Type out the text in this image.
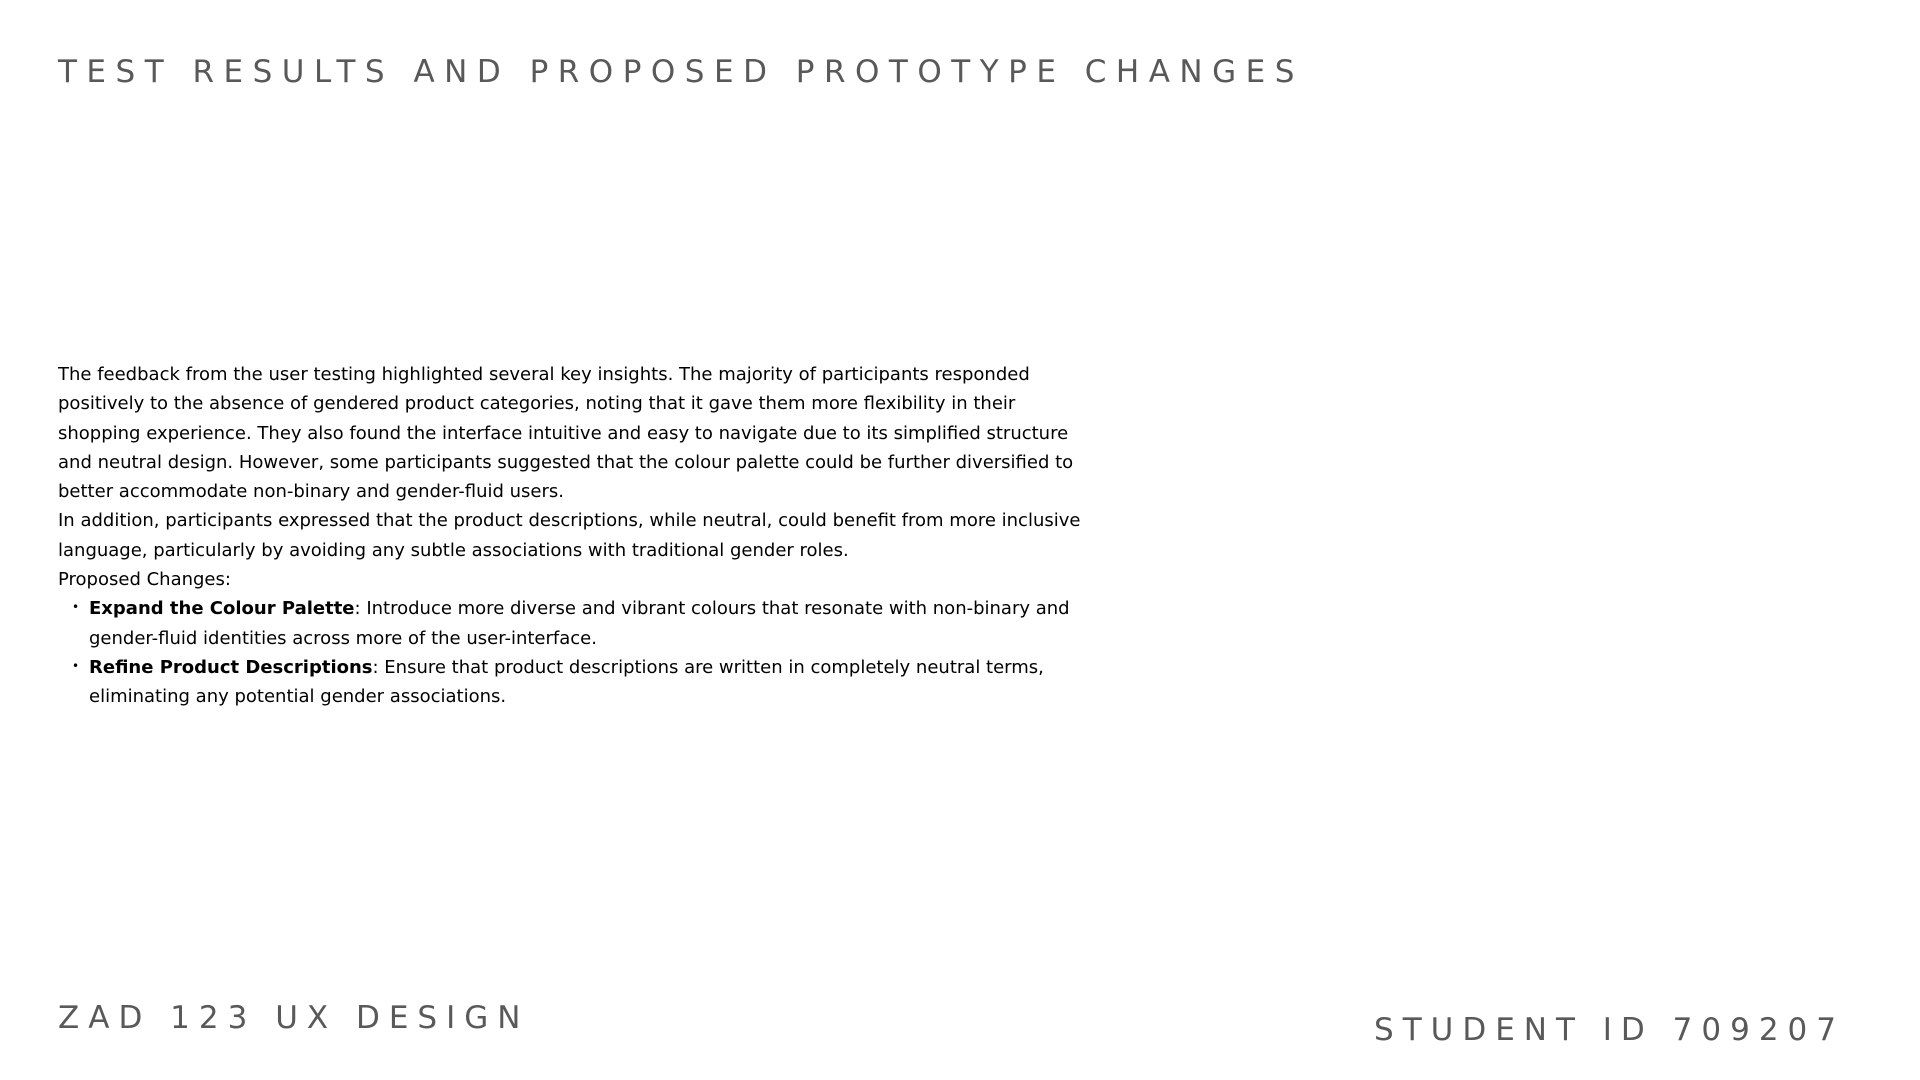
TEST RESULTS AND PROPOSED PROTOTYPE CHANGES

The feedback from the user testing highlighted several key insights. The majority of participants responded positively to the absence of gendered product categories, noting that it gave them more flexibility in their shopping experience. They also found the interface intuitive and easy to navigate due to its simplified structure and neutral design. However, some participants suggested that the colour palette could be further diversified to better accommodate non-binary and gender-fluid users.

In addition, participants expressed that the product descriptions, while neutral, could benefit from more inclusive language, particularly by avoiding any subtle associations with traditional gender roles.

Proposed Changes:

• Expand the Colour Palette: Introduce more diverse and vibrant colours that resonate with non-binary and gender-fluid identities across more of the user-interface.
• Refine Product Descriptions: Ensure that product descriptions are written in completely neutral terms, eliminating any potential gender associations.
ZAD 123 UX DESIGN	STUDENT ID 709207
